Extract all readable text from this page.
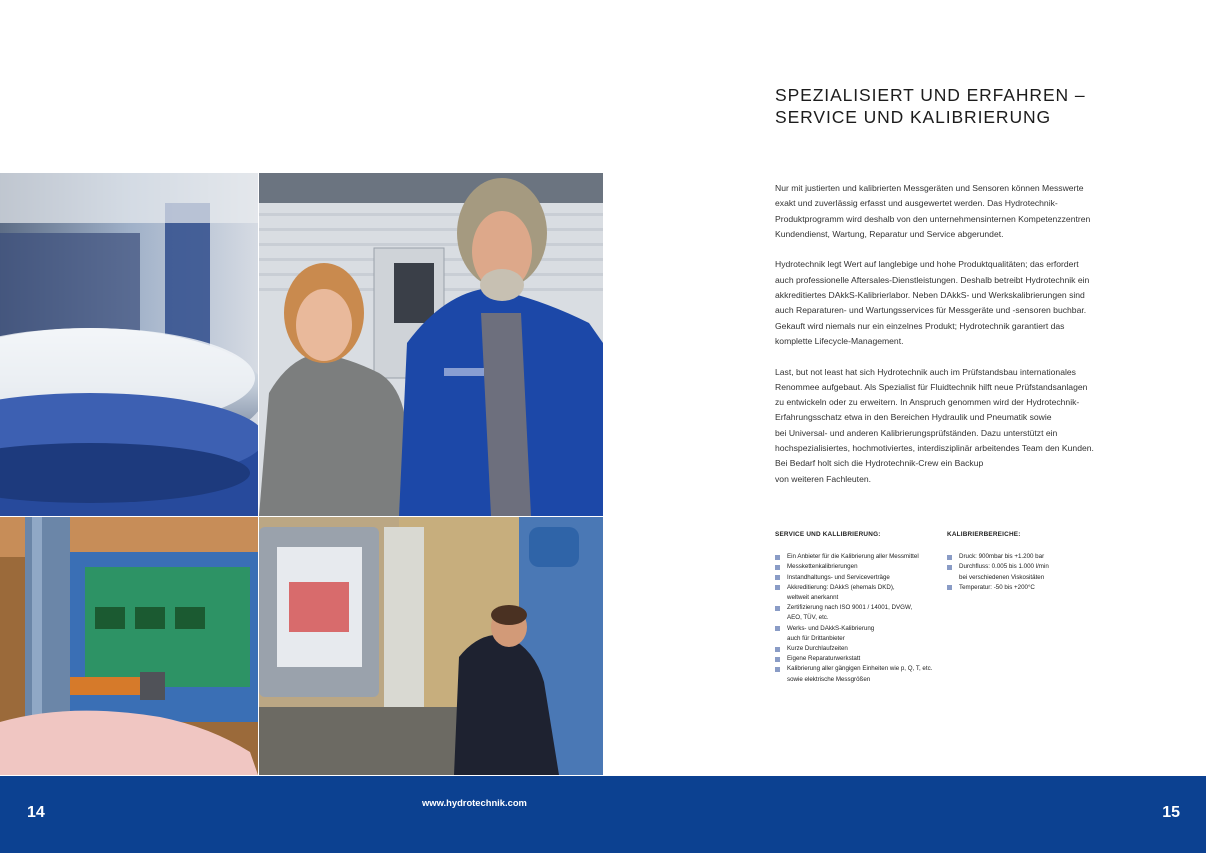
SPEZIALISIERT UND ERFAHREN –
SERVICE UND KALIBRIERUNG

Nur mit justierten und kalibrierten Messgeräten und Sensoren können Messwerte
exakt und zuverlässig erfasst und ausgewertet werden. Das Hydrotechnik-
Produktprogramm wird deshalb von den unternehmensinternen Kompetenzzentren
Kundendienst, Wartung, Reparatur und Service abgerundet.

Hydrotechnik legt Wert auf langlebige und hohe Produktqualitäten; das erfordert
auch professionelle Aftersales-Dienstleistungen. Deshalb betreibt Hydrotechnik ein
akkreditiertes DAkkS-Kalibrierlabor. Neben DAkkS- und Werkskalibrierungen sind
auch Reparaturen- und Wartungsservices für Messgeräte und -sensoren buchbar.
Gekauft wird niemals nur ein einzelnes Produkt; Hydrotechnik garantiert das
komplette Lifecycle-Management.

Last, but not least hat sich Hydrotechnik auch im Prüfstandsbau internationales
Renommee aufgebaut. Als Spezialist für Fluidtechnik hilft neue Prüfstandsanlagen
zu entwickeln oder zu erweitern. In Anspruch genommen wird der Hydrotechnik-
Erfahrungsschatz etwa in den Bereichen Hydraulik und Pneumatik sowie
bei Universal- und anderen Kalibrierungsprüfständen. Dazu unterstützt ein
hochspezialisiertes, hochmotiviertes, interdisziplinär arbeitendes Team den Kunden.
Bei Bedarf holt sich die Hydrotechnik-Crew ein Backup
von weiteren Fachleuten.

SERVICE UND KALLIBRIERUNG:
Ein Anbieter für die Kalibrierung aller Messmittel
Messkettenkalibrierungen
Instandhaltungs- und Serviceverträge
Akkreditierung: DAkkS (ehemals DKD),
weltweit anerkannt
Zertifizierung nach ISO 9001 / 14001, DVGW,
AEO, TÜV, etc.
Werks- und DAkkS-Kalibrierung
auch für Drittanbieter
Kurze Durchlaufzeiten
Eigene Reparaturwerkstatt
Kalibrierung aller gängigen Einheiten wie p, Q, T, etc.
sowie elektrische Messgrößen
KALIBRIERBEREICHE:
Druck: 900mbar bis +1.200 bar
Durchfluss: 0.005 bis 1.000 l/min
bei verschiedenen Viskositäten
Temperatur: -50 bis +200°C
14
www.hydrotechnik.com
15
